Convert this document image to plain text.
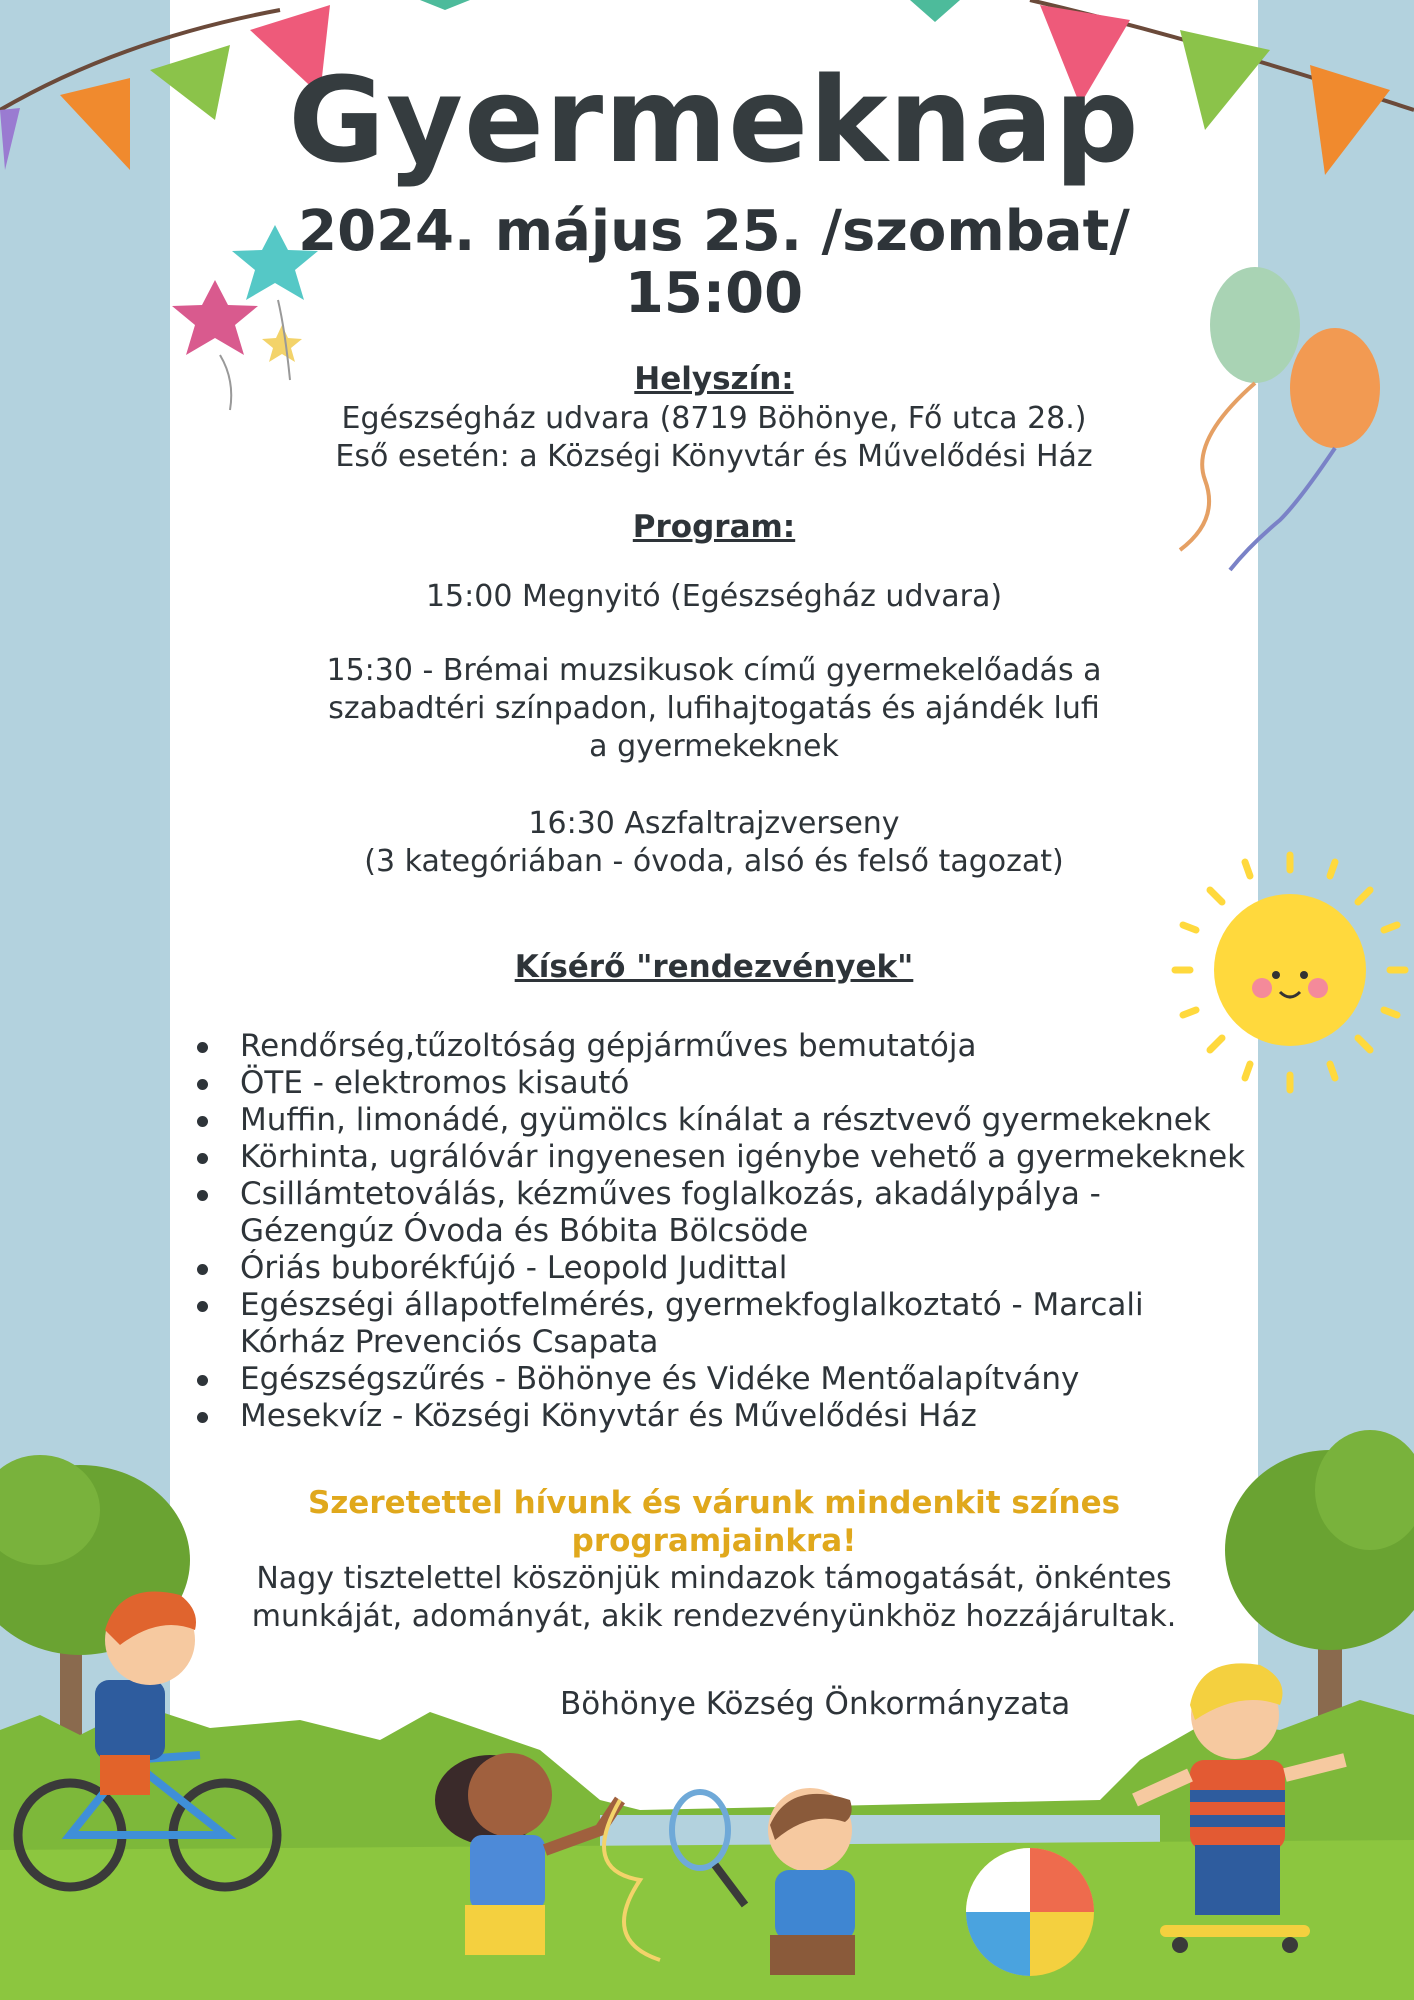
Gyermeknap

2024. május 25. /szombat/

15:00

Helyszín:

Egészségház udvara (8719 Böhönye, Fő utca 28.)

Eső esetén: a Községi Könyvtár és Művelődési Ház

Program:

15:00 Megnyitó (Egészségház udvara)

15:30 - Brémai muzsikusok című gyermekelőadás a

szabadtéri színpadon, lufihajtogatás és ajándék lufi

a gyermekeknek

16:30 Aszfaltrajzverseny

(3 kategóriában - óvoda, alsó és felső tagozat)

Kísérő "rendezvények"

Rendőrség,tűzoltóság gépjárműves bemutatója
ÖTE - elektromos kisautó
Muffin, limonádé, gyümölcs kínálat a résztvevő gyermekeknek
Körhinta, ugrálóvár ingyenesen igénybe vehető a gyermekeknek
Csillámtetoválás, kézműves foglalkozás, akadálypálya -
Gézengúz Óvoda és Bóbita Bölcsöde
Óriás buborékfújó - Leopold Judittal
Egészségi állapotfelmérés, gyermekfoglalkoztató - Marcali
Kórház Prevenciós Csapata
Egészségszűrés - Böhönye és Vidéke Mentőalapítvány
Mesekvíz - Községi Könyvtár és Művelődési Ház

Szeretettel hívunk és várunk mindenkit színes programjainkra!

Nagy tisztelettel köszönjük mindazok támogatását, önkéntes

munkáját, adományát, akik rendezvényünkhöz hozzájárultak.

Böhönye Község Önkormányzata
